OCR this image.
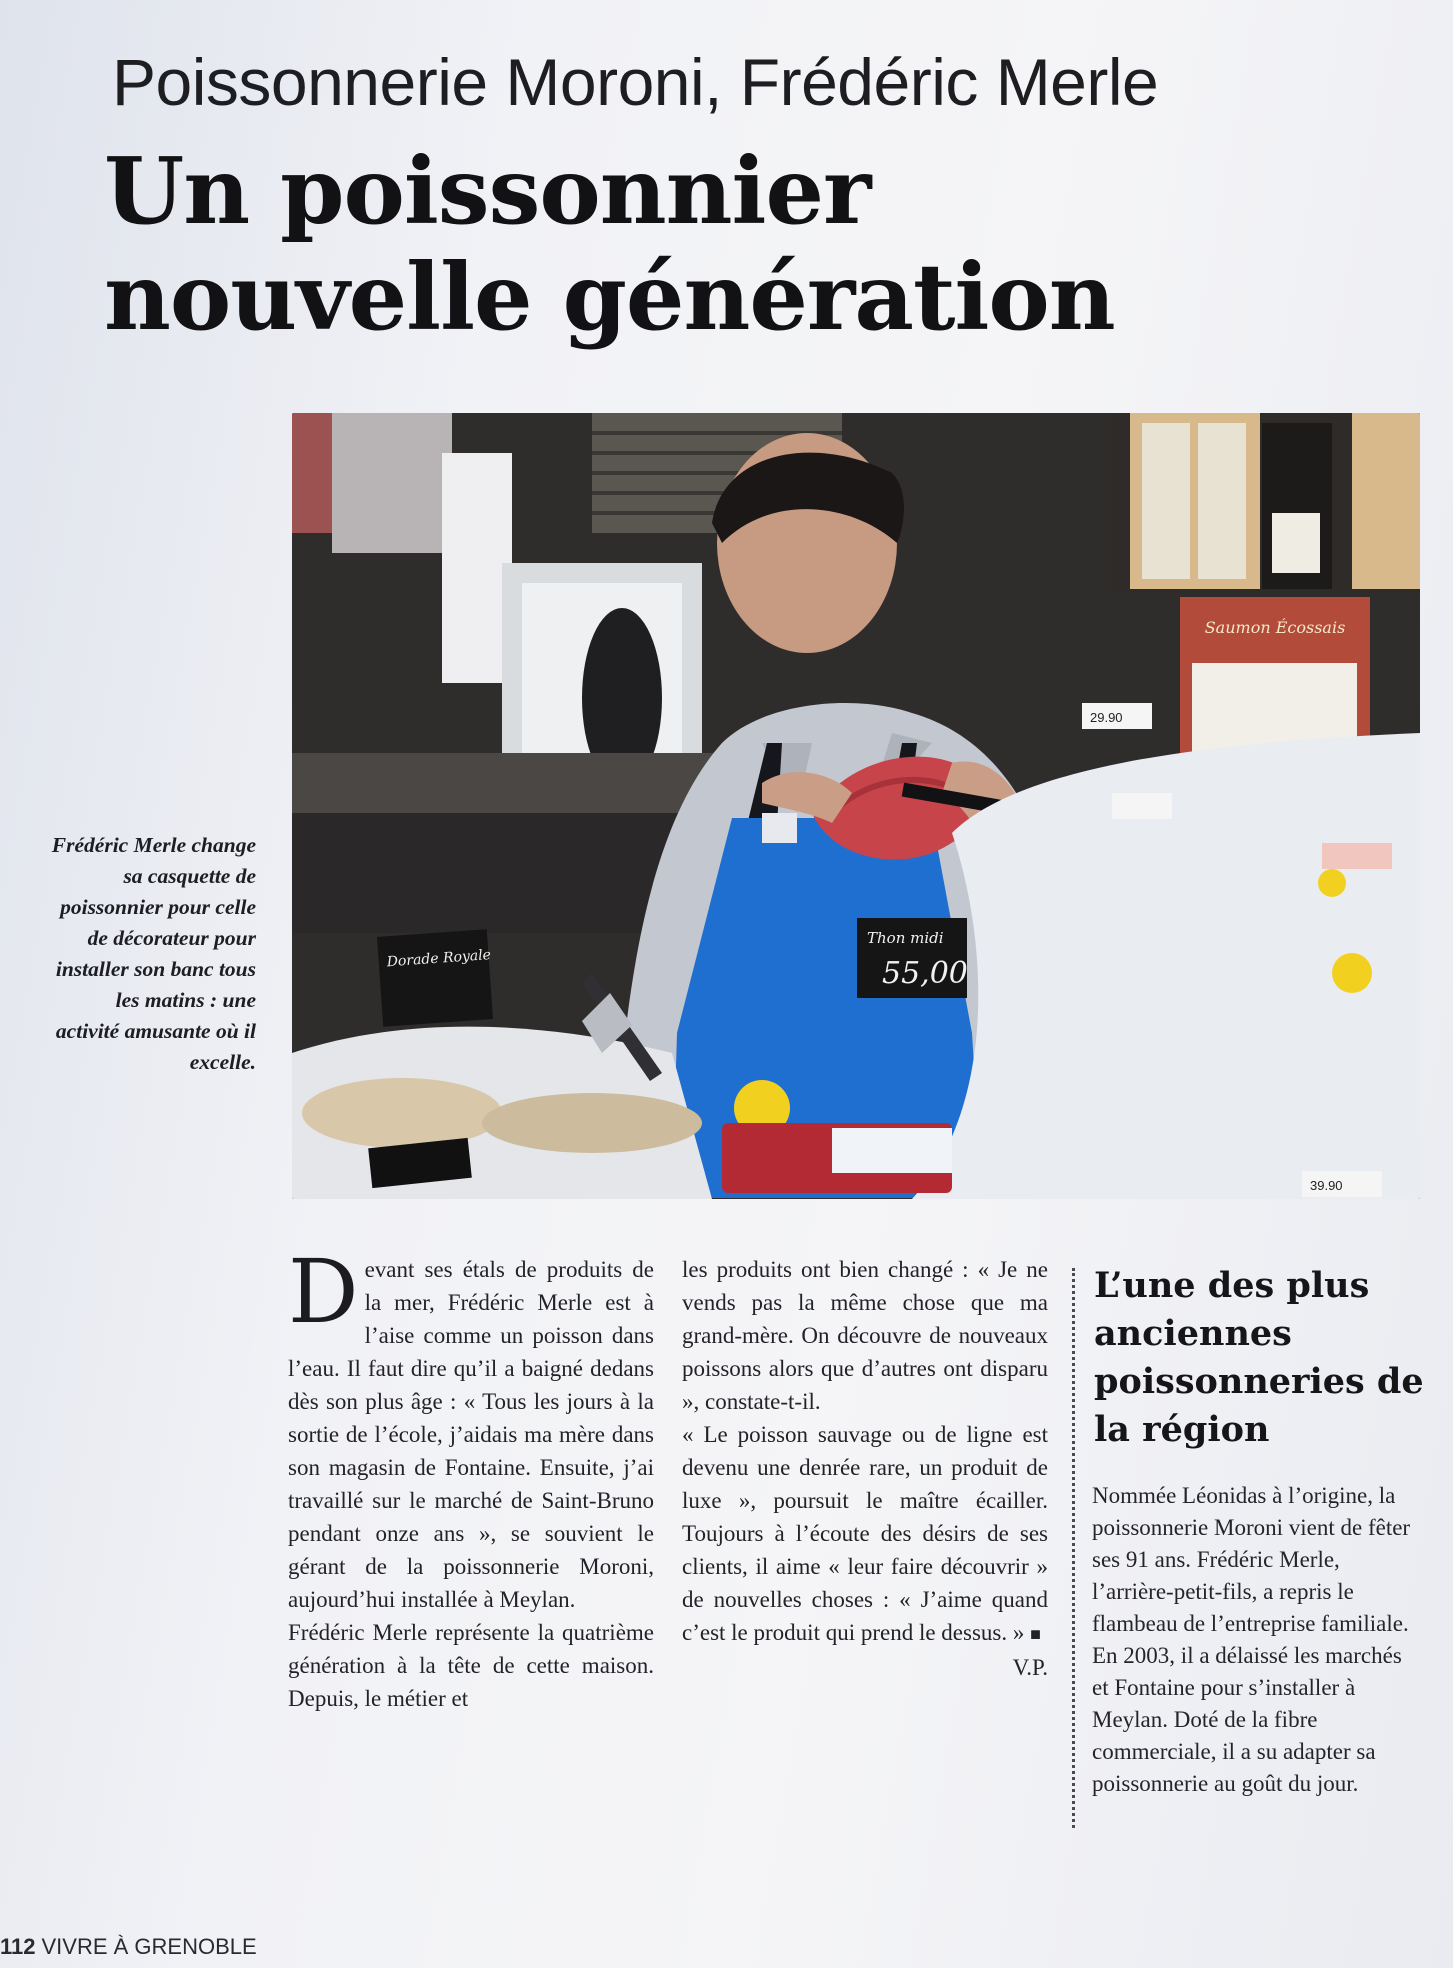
Poissonnerie Moroni, Frédéric Merle
Un poissonnier
nouvelle génération
Saumon Écossais
Dorade Royale
Thon midi
55,00
29.90
39.90
Frédéric Merle change sa casquette de poissonnier pour celle de décorateur pour installer son banc tous les matins : une activité amusante où il excelle.

Devant ses étals de produits de la mer, Frédéric Merle est à l’aise comme un poisson dans l’eau. Il faut dire qu’il a baigné dedans dès son plus âge : « Tous les jours à la sortie de l’école, j’aidais ma mère dans son magasin de Fontaine. Ensuite, j’ai travaillé sur le marché de Saint-Bruno pendant onze ans », se souvient le gérant de la poissonnerie Moroni, aujourd’hui installée à Meylan.

Frédéric Merle représente la quatrième génération à la tête de cette maison. Depuis, le métier et

les produits ont bien changé : « Je ne vends pas la même chose que ma grand-mère. On découvre de nouveaux poissons alors que d’autres ont disparu », constate-t-il.

« Le poisson sauvage ou de ligne est devenu une denrée rare, un produit de luxe », poursuit le maître écailler. Toujours à l’écoute des désirs de ses clients, il aime « leur faire découvrir » de nouvelles choses : « J’aime quand c’est le produit qui prend le dessus. » ■

V.P.

L’une des plus anciennes poissonneries de la région
Nommée Léonidas à l’origine, la poissonnerie Moroni vient de fêter ses 91 ans. Frédéric Merle, l’arrière-petit-fils, a repris le flambeau de l’entreprise familiale. En 2003, il a délaissé les marchés et Fontaine pour s’installer à Meylan. Doté de la fibre commerciale, il a su adapter sa poissonnerie au goût du jour.
112 VIVRE À GRENOBLE
